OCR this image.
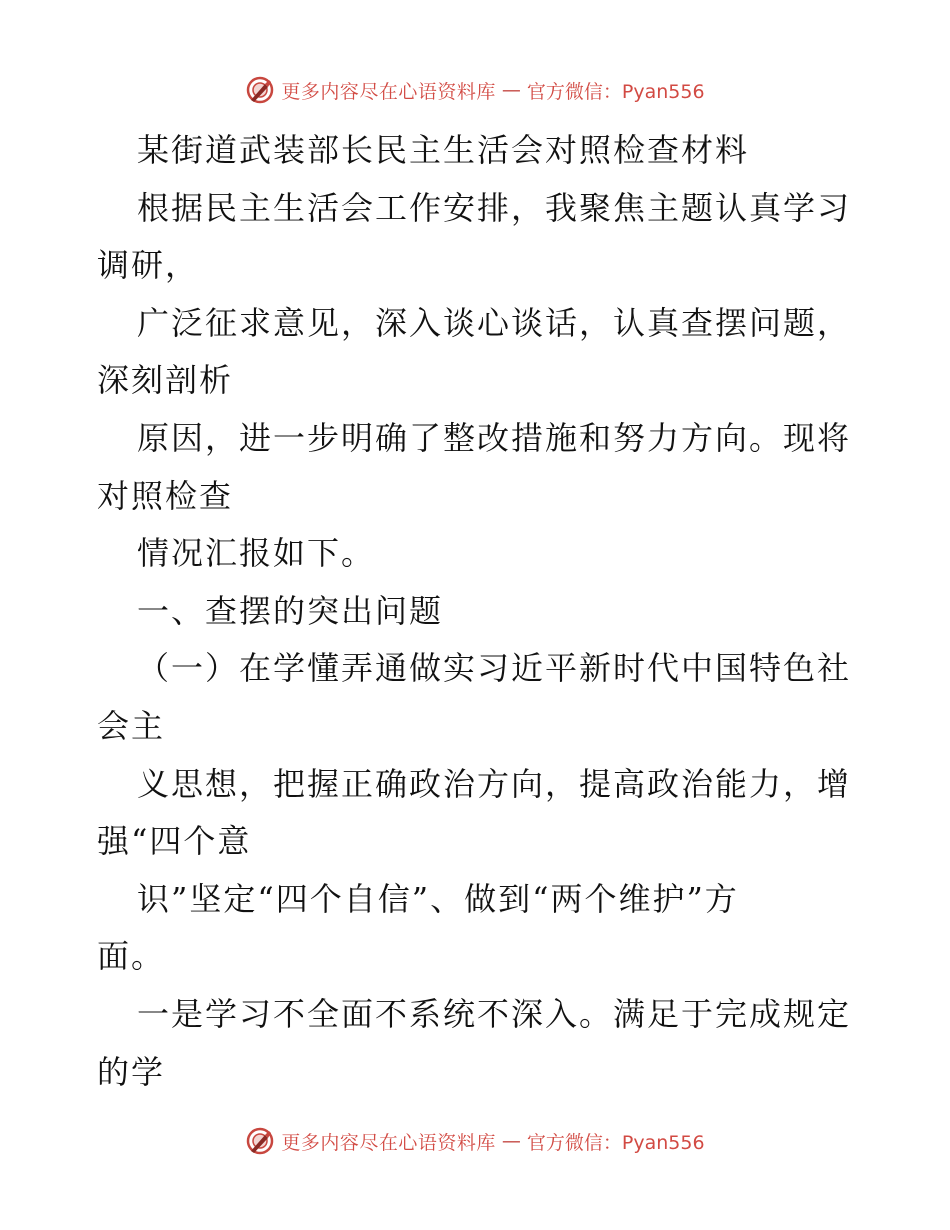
更多内容尽在心语资料库 — 官方微信：Pyan556
某街道武装部长民主生活会对照检查材料
根据民主生活会工作安排，我聚焦主题认真学习
调研，
广泛征求意见，深入谈心谈话，认真查摆问题，
深刻剖析
原因，进一步明确了整改措施和努力方向。现将
对照检查
情况汇报如下。
一、查摆的突出问题
（一）在学懂弄通做实习近平新时代中国特色社
会主
义思想，把握正确政治方向，提高政治能力，增
强“四个意
识”坚定“四个自信”、做到“两个维护”方
面。
一是学习不全面不系统不深入。满足于完成规定
的学
更多内容尽在心语资料库 — 官方微信：Pyan556
